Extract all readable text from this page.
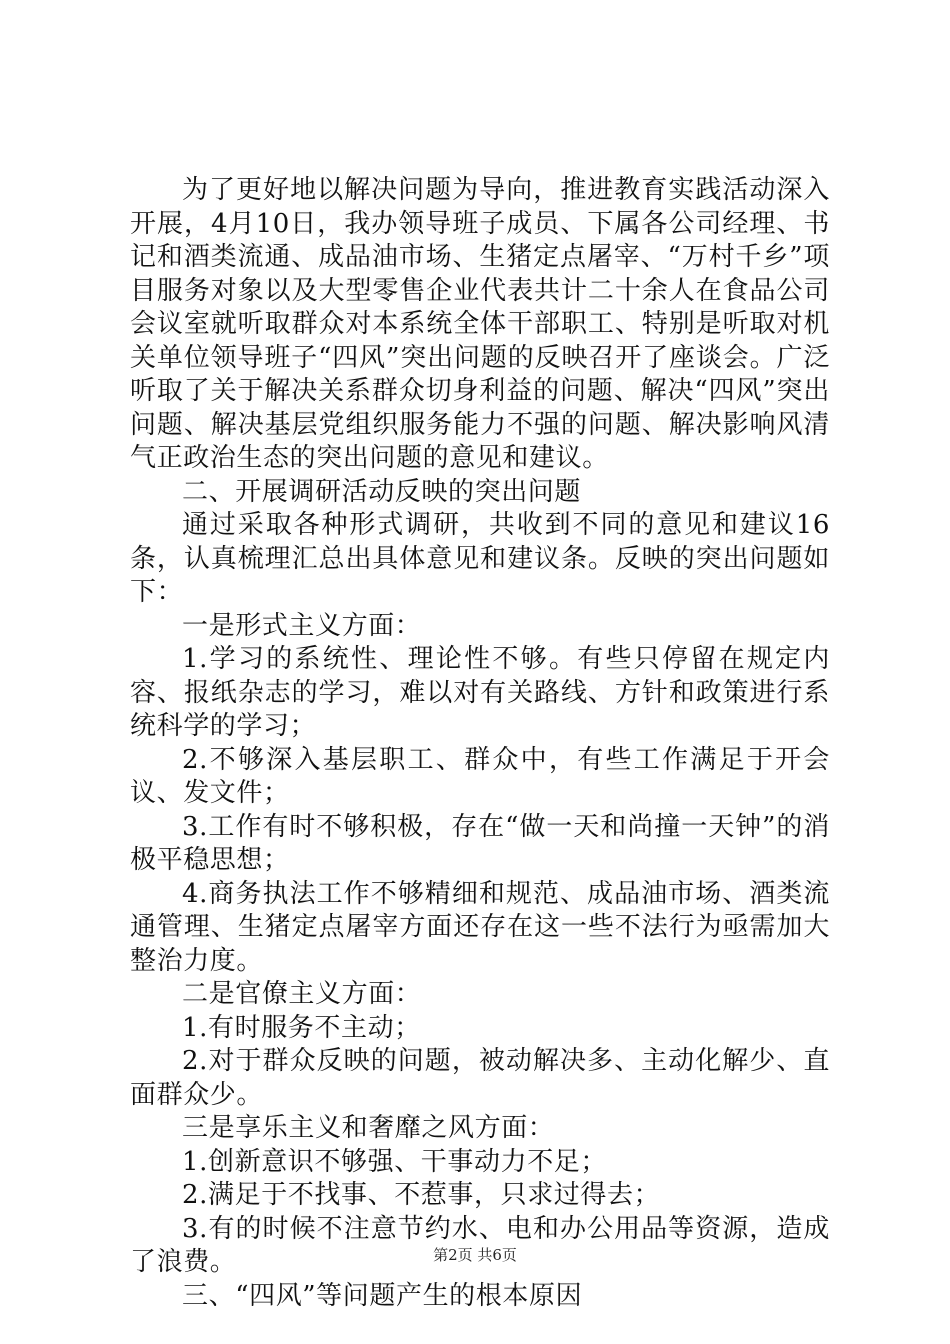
为了更好地以解决问题为导向，推进教育实践活动深入开展，4月10日，我办领导班子成员、下属各公司经理、书记和酒类流通、成品油市场、生猪定点屠宰、“万村千乡”项目服务对象以及大型零售企业代表共计二十余人在食品公司会议室就听取群众对本系统全体干部职工、特别是听取对机关单位领导班子“四风”突出问题的反映召开了座谈会。广泛听取了关于解决关系群众切身利益的问题、解决“四风”突出问题、解决基层党组织服务能力不强的问题、解决影响风清气正政治生态的突出问题的意见和建议。

二、开展调研活动反映的突出问题

通过采取各种形式调研，共收到不同的意见和建议16条，认真梳理汇总出具体意见和建议条。反映的突出问题如下：

一是形式主义方面：

1.学习的系统性、理论性不够。有些只停留在规定内容、报纸杂志的学习，难以对有关路线、方针和政策进行系统科学的学习；

2.不够深入基层职工、群众中，有些工作满足于开会议、发文件；

3.工作有时不够积极，存在“做一天和尚撞一天钟”的消极平稳思想；

4.商务执法工作不够精细和规范、成品油市场、酒类流通管理、生猪定点屠宰方面还存在这一些不法行为亟需加大整治力度。

二是官僚主义方面：

1.有时服务不主动；

2.对于群众反映的问题，被动解决多、主动化解少、直面群众少。

三是享乐主义和奢靡之风方面：

1.创新意识不够强、干事动力不足；

2.满足于不找事、不惹事，只求过得去；

3.有的时候不注意节约水、电和办公用品等资源，造成了浪费。

三、“四风”等问题产生的根本原因

第2页 共6页
